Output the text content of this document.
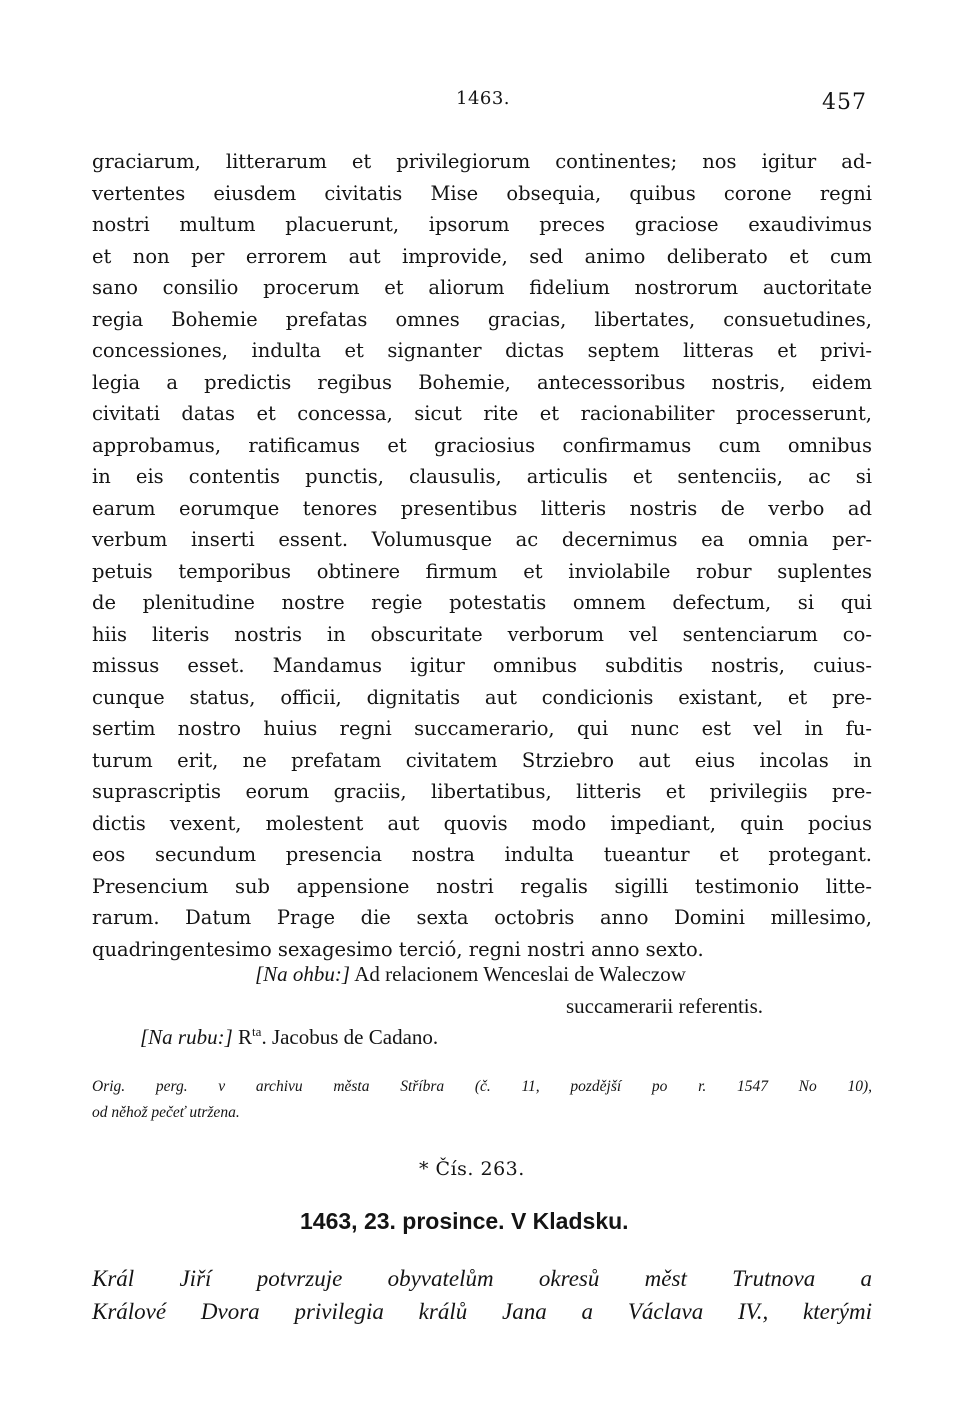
1463.	457
graciarum, litterarum et privilegiorum continentes; nos igitur ad-
vertentes eiusdem civitatis Mise obsequia, quibus corone regni
nostri multum placuerunt, ipsorum preces graciose exaudivimus
et non per errorem aut improvide, sed animo deliberato et cum
sano consilio procerum et aliorum fidelium nostrorum auctoritate
regia Bohemie prefatas omnes gracias, libertates, consuetudines,
concessiones, indulta et signanter dictas septem litteras et privi-
legia a predictis regibus Bohemie, antecessoribus nostris, eidem
civitati datas et concessa, sicut rite et racionabiliter processerunt,
approbamus, ratificamus et graciosius confirmamus cum omnibus
in eis contentis punctis, clausulis, articulis et sentenciis, ac si
earum eorumque tenores presentibus litteris nostris de verbo ad
verbum inserti essent. Volumusque ac decernimus ea omnia per-
petuis temporibus obtinere firmum et inviolabile robur suplentes
de plenitudine nostre regie potestatis omnem defectum, si qui
hiis literis nostris in obscuritate verborum vel sentenciarum co-
missus esset. Mandamus igitur omnibus subditis nostris, cuius-
cunque status, officii, dignitatis aut condicionis existant, et pre-
sertim nostro huius regni succamerario, qui nunc est vel in fu-
turum erit, ne prefatam civitatem Strziebro aut eius incolas in
suprascriptis eorum graciis, libertatibus, litteris et privilegiis pre-
dictis vexent, molestent aut quovis modo impediant, quin pocius
eos secundum presencia nostra indulta tueantur et protegant.
Presencium sub appensione nostri regalis sigilli testimonio litte-
rarum. Datum Prage die sexta octobris anno Domini millesimo,
quadringentesimo sexagesimo terció, regni nostri anno sexto.
[Na ohbu:] Ad relacionem Wenceslai de Waleczow
succamerarii referentis.
[Na rubu:] $R^{ta}$. Jacobus de Cadano.
Orig. perg. v archivu města Stříbra (č. 11, pozdější po r. 1547 No 10),
od něhož pečeť utržena.
* Čís. 263.
1463, 23. prosince. V Kladsku.
Král Jiří potvrzuje obyvatelům okresů měst Trutnova a
Králové Dvora privilegia králů Jana a Václava IV., kterými
